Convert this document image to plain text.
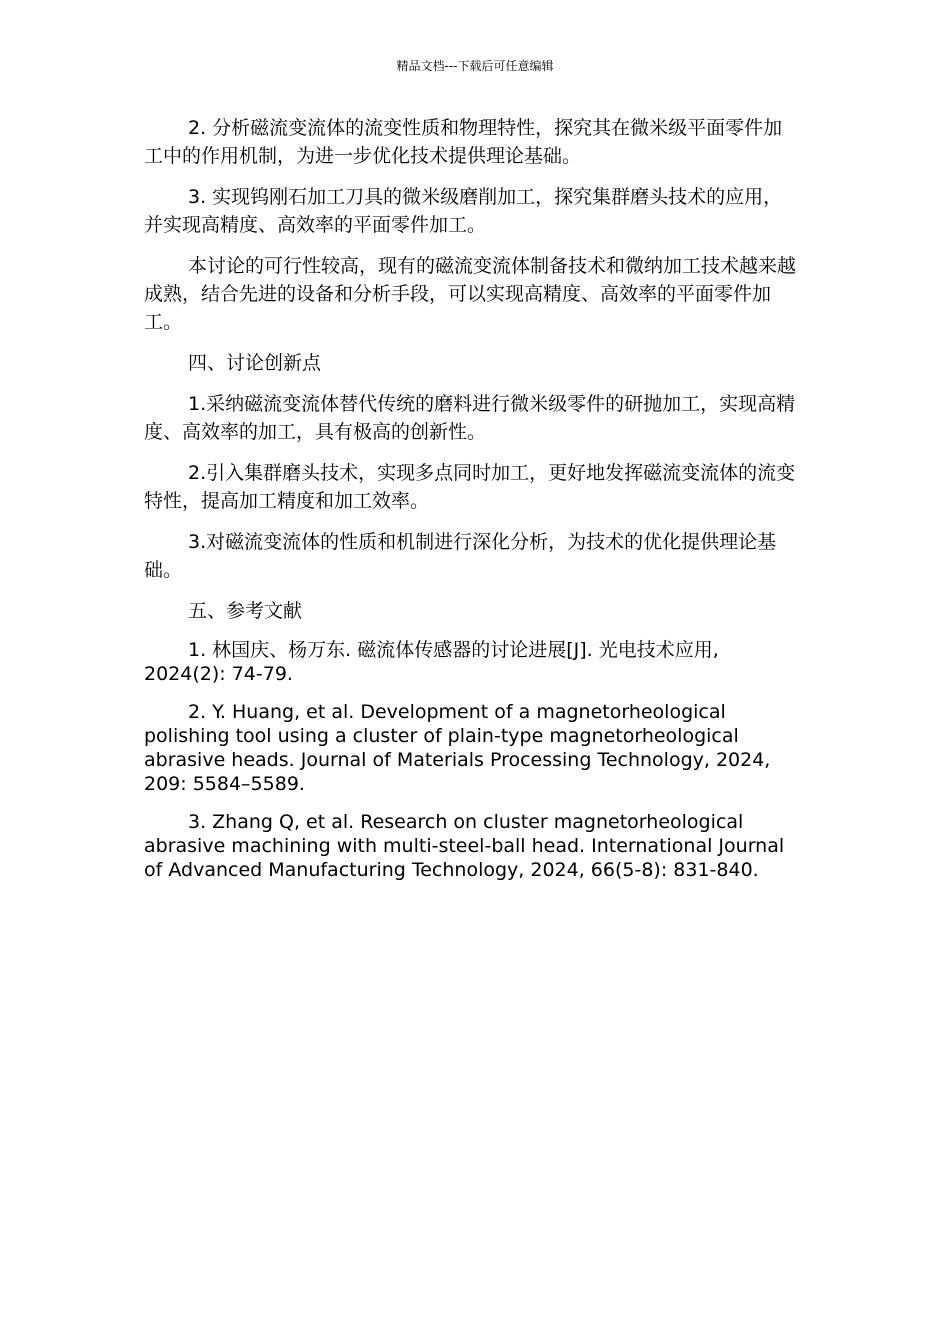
精品文档---下载后可任意编辑

2. 分析磁流变流体的流变性质和物理特性，探究其在微米级平面零件加工中的作用机制，为进一步优化技术提供理论基础。

3. 实现钨刚石加工刀具的微米级磨削加工，探究集群磨头技术的应用，并实现高精度、高效率的平面零件加工。

本讨论的可行性较高，现有的磁流变流体制备技术和微纳加工技术越来越成熟，结合先进的设备和分析手段，可以实现高精度、高效率的平面零件加工。

四、讨论创新点

1.采纳磁流变流体替代传统的磨料进行微米级零件的研抛加工，实现高精度、高效率的加工，具有极高的创新性。

2.引入集群磨头技术，实现多点同时加工，更好地发挥磁流变流体的流变特性，提高加工精度和加工效率。

3.对磁流变流体的性质和机制进行深化分析，为技术的优化提供理论基础。

五、参考文献

1. 林国庆、杨万东. 磁流体传感器的讨论进展[J]. 光电技术应用, 2024(2): 74-79.

2. Y. Huang, et al. Development of a magnetorheological polishing tool using a cluster of plain-type magnetorheological abrasive heads. Journal of Materials Processing Technology, 2024, 209: 5584–5589.

3. Zhang Q, et al. Research on cluster magnetorheological abrasive machining with multi-steel-ball head. International Journal of Advanced Manufacturing Technology, 2024, 66(5-8): 831-840.
